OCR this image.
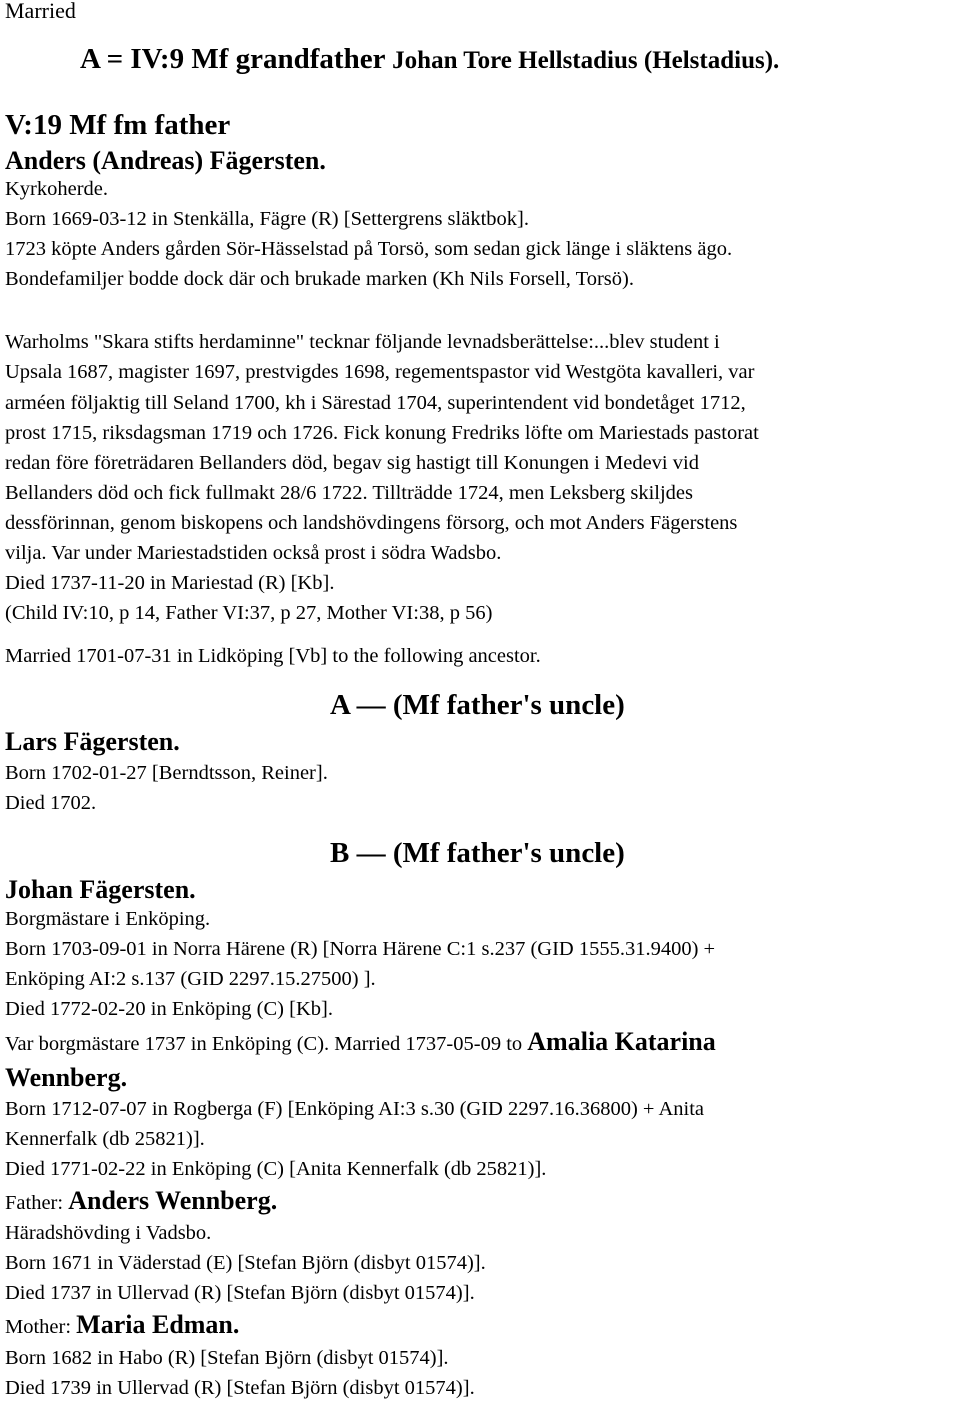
Married
A = IV:9 Mf grandfather Johan Tore Hellstadius (Helstadius).
V:19 Mf fm father
Anders (Andreas) Fägersten.
Kyrkoherde.
Born 1669-03-12 in Stenkälla, Fägre (R) [Settergrens släktbok].
1723 köpte Anders gården Sör-Hässelstad på Torsö, som sedan gick länge i släktens ägo.
Bondefamiljer bodde dock där och brukade marken (Kh Nils Forsell, Torsö).
Warholms "Skara stifts herdaminne" tecknar följande levnadsberättelse:...blev student i
Upsala 1687, magister 1697, prestvigdes 1698, regementspastor vid Westgöta kavalleri, var
arméen följaktig till Seland 1700, kh i Särestad 1704, superintendent vid bondetåget 1712,
prost 1715, riksdagsman 1719 och 1726. Fick konung Fredriks löfte om Mariestads pastorat
redan före företrädaren Bellanders död, begav sig hastigt till Konungen i Medevi vid
Bellanders död och fick fullmakt 28/6 1722. Tillträdde 1724, men Leksberg skiljdes
dessförinnan, genom biskopens och landshövdingens försorg, och mot Anders Fägerstens
vilja. Var under Mariestadstiden också prost i södra Wadsbo.
Died 1737-11-20 in Mariestad (R) [Kb].
(Child IV:10, p 14, Father VI:37, p 27, Mother VI:38, p 56)
Married 1701-07-31 in Lidköping [Vb] to the following ancestor.
A — (Mf father's uncle)
Lars Fägersten.
Born 1702-01-27 [Berndtsson, Reiner].
Died 1702.
B — (Mf father's uncle)
Johan Fägersten.
Borgmästare i Enköping.
Born 1703-09-01 in Norra Härene (R) [Norra Härene C:1 s.237 (GID 1555.31.9400) +
Enköping AI:2 s.137 (GID 2297.15.27500) ].
Died 1772-02-20 in Enköping (C) [Kb].
Var borgmästare 1737 in Enköping (C). Married 1737-05-09 to Amalia Katarina
Wennberg.
Born 1712-07-07 in Rogberga (F) [Enköping AI:3 s.30 (GID 2297.16.36800) + Anita
Kennerfalk (db 25821)].
Died 1771-02-22 in Enköping (C) [Anita Kennerfalk (db 25821)].
Father: Anders Wennberg.
Häradshövding i Vadsbo.
Born 1671 in Väderstad (E) [Stefan Björn (disbyt 01574)].
Died 1737 in Ullervad (R) [Stefan Björn (disbyt 01574)].
Mother: Maria Edman.
Born 1682 in Habo (R) [Stefan Björn (disbyt 01574)].
Died 1739 in Ullervad (R) [Stefan Björn (disbyt 01574)].
